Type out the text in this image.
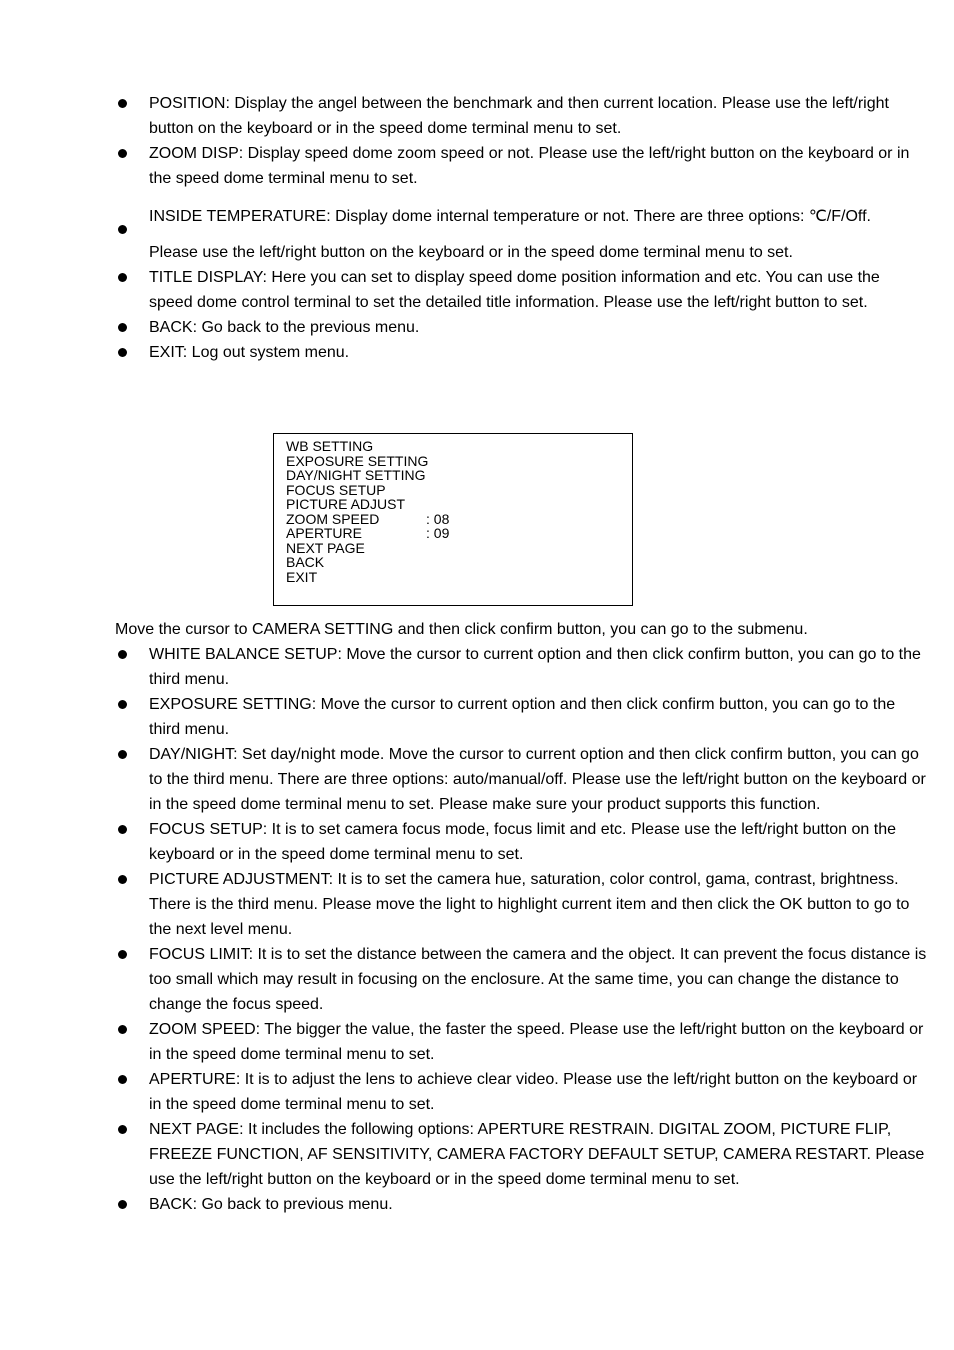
POSITION: Display the angel between the benchmark and then current location. Please use the left/right button on the keyboard or in the speed dome terminal menu to set.
ZOOM DISP: Display speed dome zoom speed or not. Please use the left/right button on the keyboard or in the speed dome terminal menu to set.
INSIDE TEMPERATURE: Display dome internal temperature or not. There are three options: ℃/F/Off.
Please use the left/right button on the keyboard or in the speed dome terminal menu to set.
TITLE DISPLAY: Here you can set to display speed dome position information and etc. You can use the speed dome control terminal to set the detailed title information. Please use the left/right button to set.
BACK: Go back to the previous menu.
EXIT: Log out system menu.
WB SETTING
EXPOSURE SETTING
DAY/NIGHT SETTING
FOCUS SETUP
PICTURE ADJUST
ZOOM SPEED	: 08
APERTURE	: 09
NEXT PAGE
BACK
EXIT
Move the cursor to CAMERA SETTING and then click confirm button, you can go to the submenu.
WHITE BALANCE SETUP: Move the cursor to current option and then click confirm button, you can go to the third menu.
EXPOSURE SETTING: Move the cursor to current option and then click confirm button, you can go to the third menu.
DAY/NIGHT: Set day/night mode. Move the cursor to current option and then click confirm button, you can go to the third menu. There are three options: auto/manual/off. Please use the left/right button on the keyboard or in the speed dome terminal menu to set. Please make sure your product supports this function.
FOCUS SETUP: It is to set camera focus mode, focus limit and etc. Please use the left/right button on the keyboard or in the speed dome terminal menu to set.
PICTURE ADJUSTMENT: It is to set the camera hue, saturation, color control, gama, contrast, brightness. There is the third menu. Please move the light to highlight current item and then click the OK button to go to the next level menu.
FOCUS LIMIT: It is to set the distance between the camera and the object. It can prevent the focus distance is too small which may result in focusing on the enclosure. At the same time, you can change the distance to change the focus speed.
ZOOM SPEED: The bigger the value, the faster the speed. Please use the left/right button on the keyboard or in the speed dome terminal menu to set.
APERTURE: It is to adjust the lens to achieve clear video. Please use the left/right button on the keyboard or in the speed dome terminal menu to set.
NEXT PAGE: It includes the following options: APERTURE RESTRAIN. DIGITAL ZOOM, PICTURE FLIP, FREEZE FUNCTION, AF SENSITIVITY, CAMERA FACTORY DEFAULT SETUP, CAMERA RESTART. Please use the left/right button on the keyboard or in the speed dome terminal menu to set.
BACK: Go back to previous menu.
